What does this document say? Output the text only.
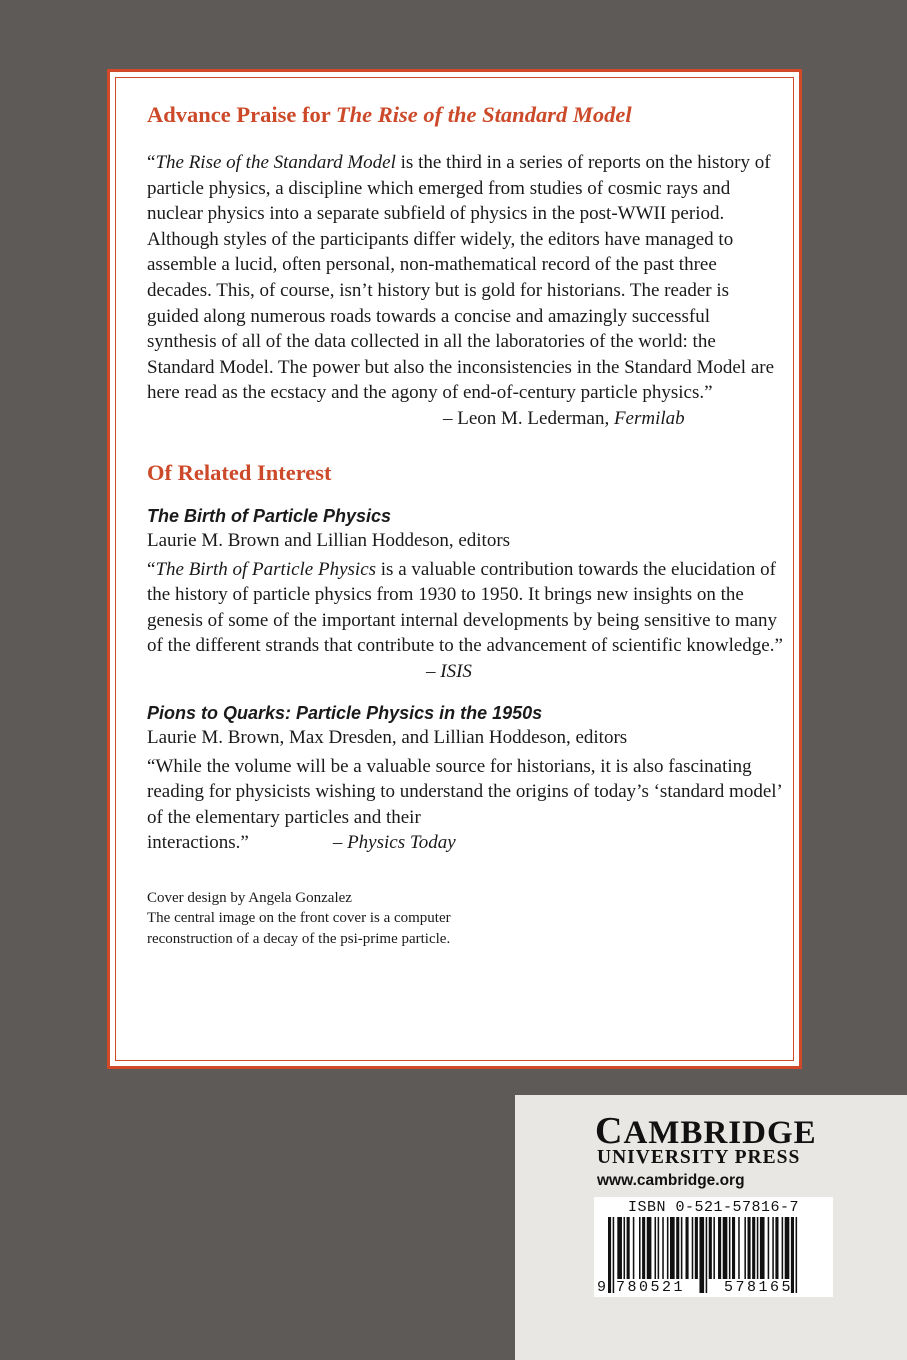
Advance Praise for The Rise of the Standard Model

“The Rise of the Standard Model is the third in a series of reports on the history of particle physics, a discipline which emerged from studies of cosmic rays and nuclear physics into a separate subfield of physics in the post-WWII period. Although styles of the participants differ widely, the editors have managed to assemble a lucid, often personal, non-mathematical record of the past three decades. This, of course, isn’t history but is gold for historians. The reader is guided along numerous roads towards a concise and amazingly successful synthesis of all of the data collected in all the laboratories of the world: the Standard Model. The power but also the inconsistencies in the Standard Model are here read as the ecstacy and the agony of end-of-century particle physics.”

– Leon M. Lederman, Fermilab

Of Related Interest

The Birth of Particle Physics

Laurie M. Brown and Lillian Hoddeson, editors

“The Birth of Particle Physics is a valuable contribution towards the elucidation of the history of particle physics from 1930 to 1950. It brings new insights on the genesis of some of the important internal developments by being sensitive to many of the different strands that contribute to the advancement of scientific knowledge.”

– ISIS

Pions to Quarks: Particle Physics in the 1950s

Laurie M. Brown, Max Dresden, and Lillian Hoddeson, editors

“While the volume will be a valuable source for historians, it is also fascinating reading for physicists wishing to understand the origins of today’s ‘standard model’ of the elementary particles and their

interactions.”	– Physics Today

Cover design by Angela Gonzalez

The central image on the front cover is a computer

reconstruction of a decay of the psi-prime particle.

CAMBRIDGE
UNIVERSITY PRESS
www.cambridge.org
ISBN 0-521-57816-7
9 780521	578165
